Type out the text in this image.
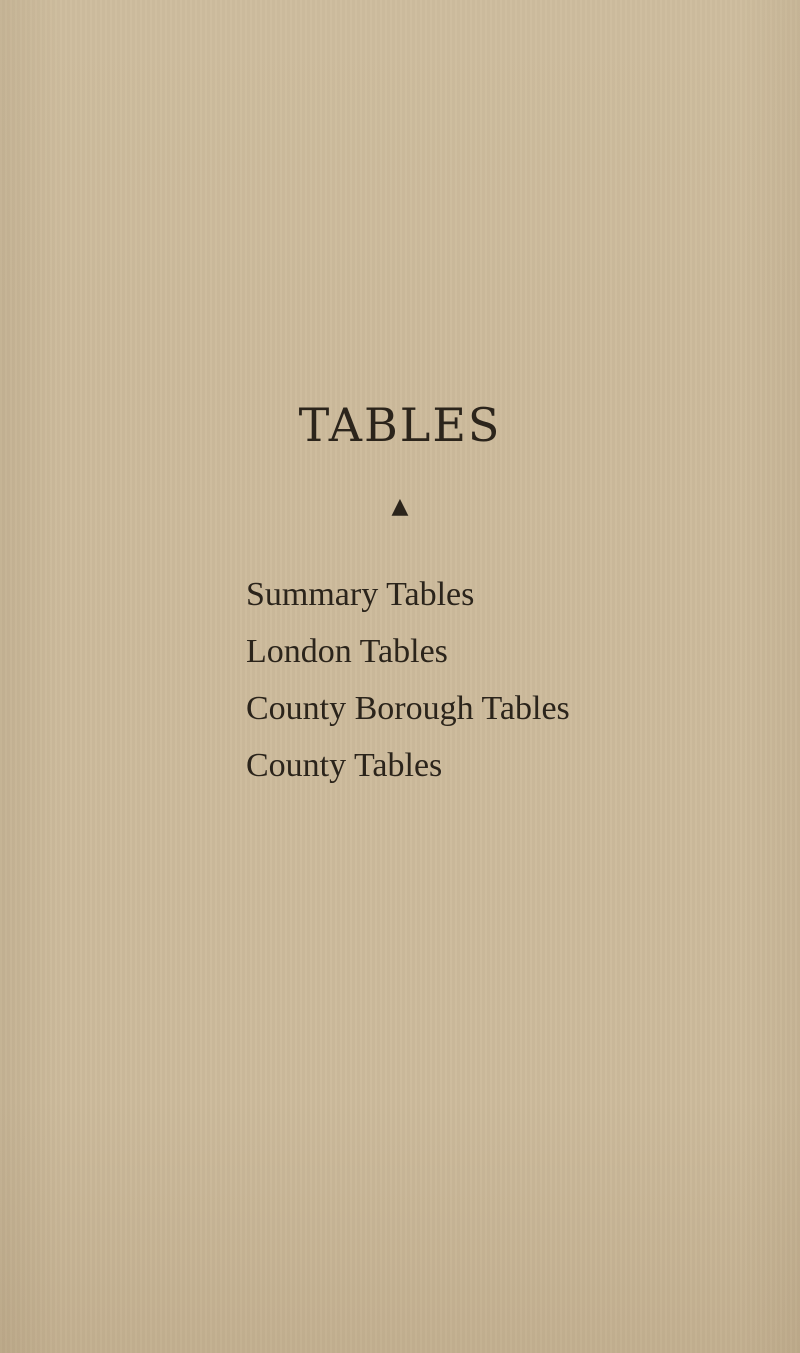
TABLES
▲
Summary Tables
London Tables
County Borough Tables
County Tables
